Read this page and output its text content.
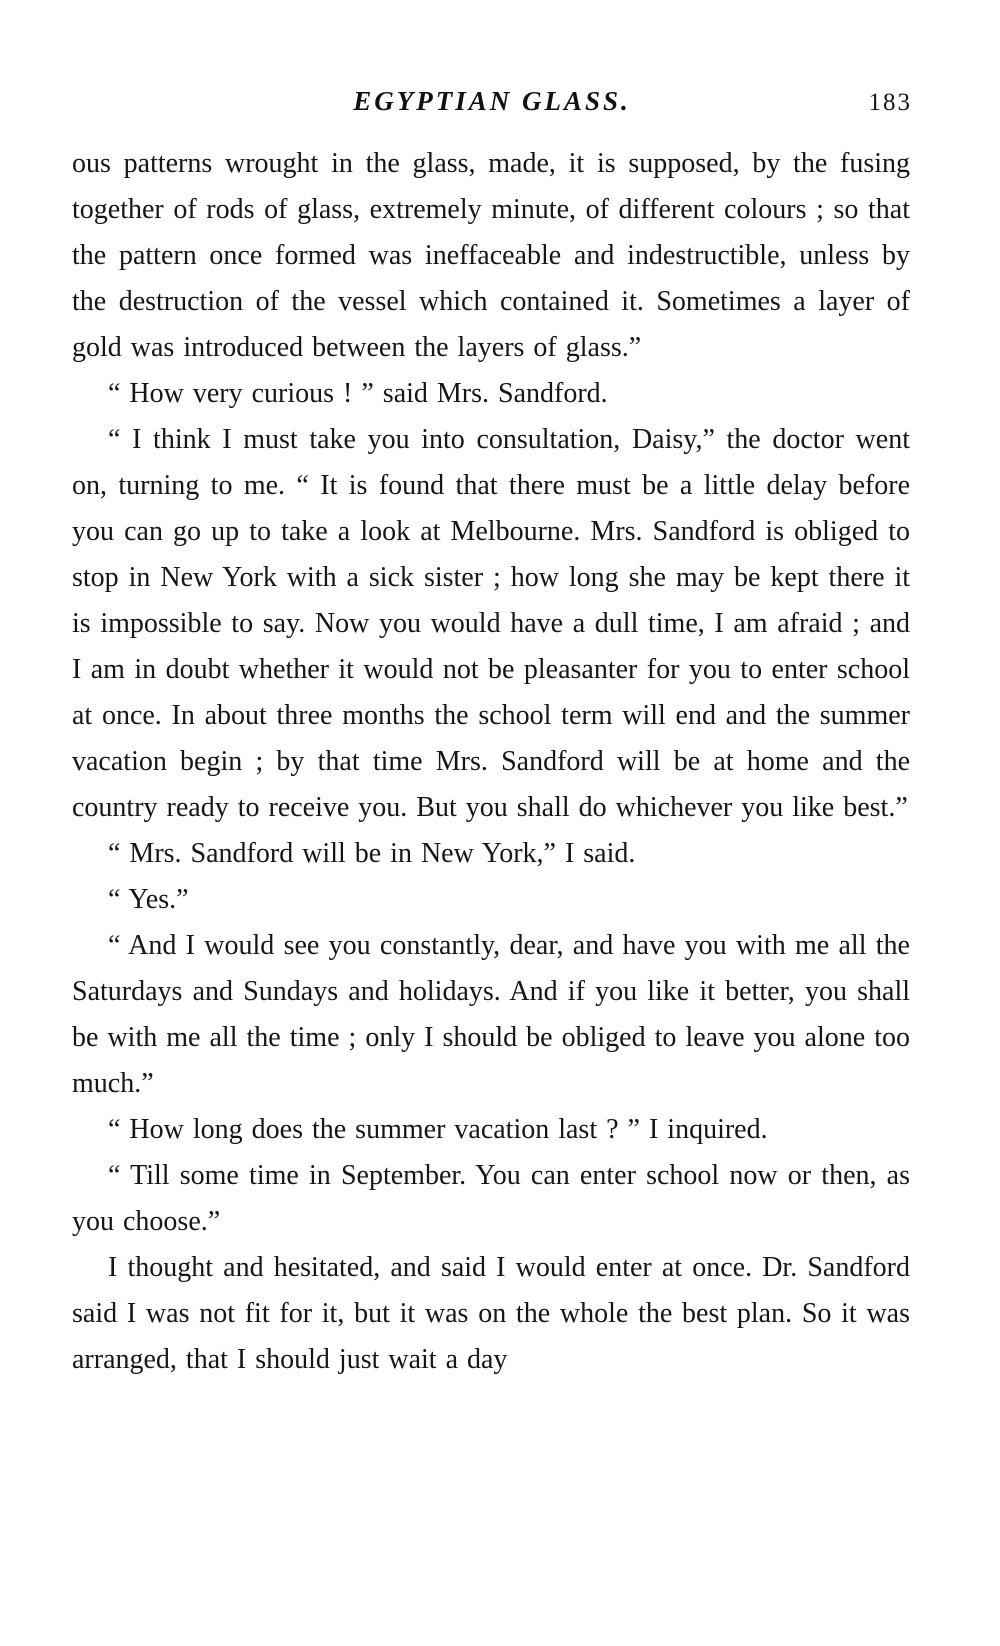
EGYPTIAN GLASS.	183

ous patterns wrought in the glass, made, it is supposed, by the fusing together of rods of glass, extremely minute, of different colours ; so that the pattern once formed was ineffaceable and indestructible, unless by the destruction of the vessel which contained it. Sometimes a layer of gold was introduced between the layers of glass.”

“ How very curious ! ” said Mrs. Sandford.

“ I think I must take you into consultation, Daisy,” the doctor went on, turning to me. “ It is found that there must be a little delay before you can go up to take a look at Melbourne. Mrs. Sandford is obliged to stop in New York with a sick sister ; how long she may be kept there it is impossible to say. Now you would have a dull time, I am afraid ; and I am in doubt whether it would not be pleasanter for you to enter school at once. In about three months the school term will end and the summer vacation begin ; by that time Mrs. Sandford will be at home and the country ready to receive you. But you shall do whichever you like best.”

“ Mrs. Sandford will be in New York,” I said.

“ Yes.”

“ And I would see you constantly, dear, and have you with me all the Saturdays and Sundays and holidays. And if you like it better, you shall be with me all the time ; only I should be obliged to leave you alone too much.”

“ How long does the summer vacation last ? ” I inquired.

“ Till some time in September. You can enter school now or then, as you choose.”

I thought and hesitated, and said I would enter at once. Dr. Sandford said I was not fit for it, but it was on the whole the best plan. So it was arranged, that I should just wait a day
